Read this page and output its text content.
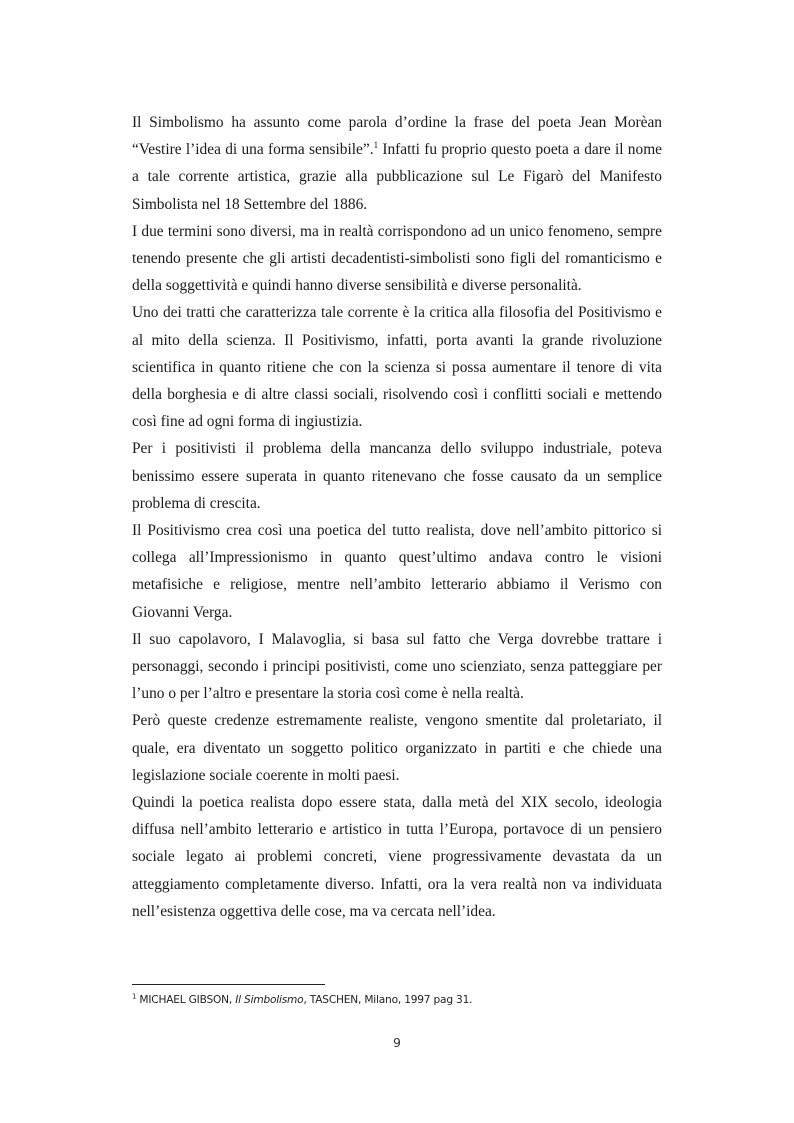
Il Simbolismo ha assunto come parola d’ordine la frase del poeta Jean Morèan “Vestire l’idea di una forma sensibile”.$^1$ Infatti fu proprio questo poeta a dare il nome a tale corrente artistica, grazie alla pubblicazione sul Le Figarò del Manifesto Simbolista nel 18 Settembre del 1886.

I due termini sono diversi, ma in realtà corrispondono ad un unico fenomeno, sempre tenendo presente che gli artisti decadentisti-simbolisti sono figli del romanticismo e della soggettività e quindi hanno diverse sensibilità e diverse personalità.

Uno dei tratti che caratterizza tale corrente è la critica alla filosofia del Positivismo e al mito della scienza. Il Positivismo, infatti, porta avanti la grande rivoluzione scientifica in quanto ritiene che con la scienza si possa aumentare il tenore di vita della borghesia e di altre classi sociali, risolvendo così i conflitti sociali e mettendo così fine ad ogni forma di ingiustizia.

Per i positivisti il problema della mancanza dello sviluppo industriale, poteva benissimo essere superata in quanto ritenevano che fosse causato da un semplice problema di crescita.

Il Positivismo crea così una poetica del tutto realista, dove nell’ambito pittorico si collega all’Impressionismo in quanto quest’ultimo andava contro le visioni metafisiche e religiose, mentre nell’ambito letterario abbiamo il Verismo con Giovanni Verga.

Il suo capolavoro, I Malavoglia, si basa sul fatto che Verga dovrebbe trattare i personaggi, secondo i principi positivisti, come uno scienziato, senza patteggiare per l’uno o per l’altro e presentare la storia così come è nella realtà.

Però queste credenze estremamente realiste, vengono smentite dal proletariato, il quale, era diventato un soggetto politico organizzato in partiti e che chiede una legislazione sociale coerente in molti paesi.

Quindi la poetica realista dopo essere stata, dalla metà del XIX secolo, ideologia diffusa nell’ambito letterario e artistico in tutta l’Europa, portavoce di un pensiero sociale legato ai problemi concreti, viene progressivamente devastata da un atteggiamento completamente diverso. Infatti, ora la vera realtà non va individuata nell’esistenza oggettiva delle cose, ma va cercata nell’idea.

$^1$ MICHAEL GIBSON, Il Simbolismo, TASCHEN, Milano, 1997 pag 31.
9
